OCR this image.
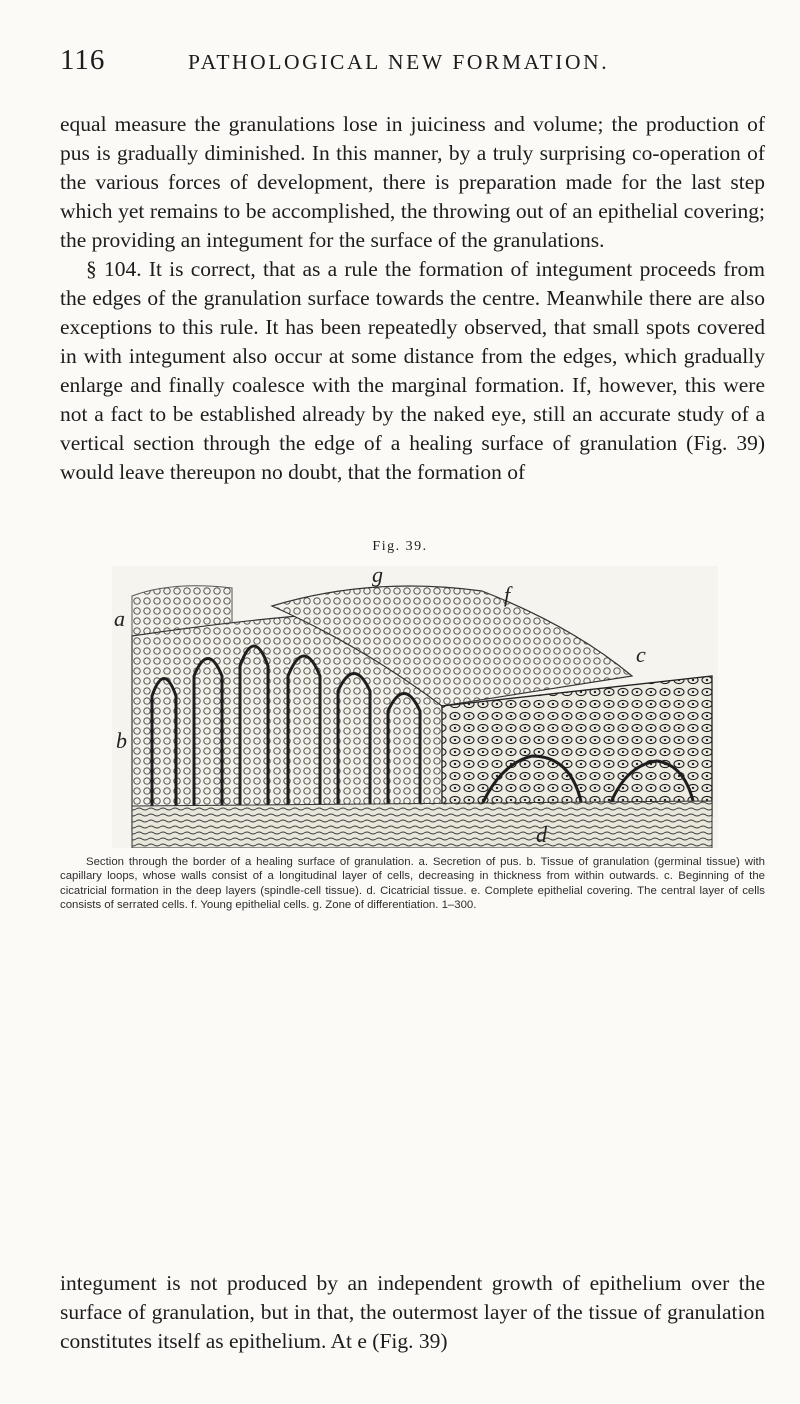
116	PATHOLOGICAL NEW FORMATION.

equal measure the granulations lose in juiciness and volume; the production of pus is gradually diminished. In this manner, by a truly surprising co-operation of the various forces of development, there is preparation made for the last step which yet remains to be accomplished, the throwing out of an epithelial covering; the providing an integument for the surface of the granulations.

§ 104. It is correct, that as a rule the formation of integument proceeds from the edges of the granulation surface towards the centre. Meanwhile there are also exceptions to this rule. It has been repeatedly observed, that small spots covered in with integument also occur at some distance from the edges, which gradually enlarge and finally coalesce with the marginal formation. If, however, this were not a fact to be established already by the naked eye, still an accurate study of a vertical section through the edge of a healing surface of granulation (Fig. 39) would leave thereupon no doubt, that the formation of

Fig. 39.
a
b
c
d
f
g

Section through the border of a healing surface of granulation. a. Secretion of pus. b. Tissue of granulation (germinal tissue) with capillary loops, whose walls consist of a longitudinal layer of cells, decreasing in thickness from within outwards. c. Beginning of the cicatricial formation in the deep layers (spindle-cell tissue). d. Cicatricial tissue. e. Complete epithelial covering. The central layer of cells consists of serrated cells. f. Young epithelial cells. g. Zone of differentiation. 1–300.

integument is not produced by an independent growth of epithelium over the surface of granulation, but in that, the outermost layer of the tissue of granulation constitutes itself as epithelium. At e (Fig. 39)
